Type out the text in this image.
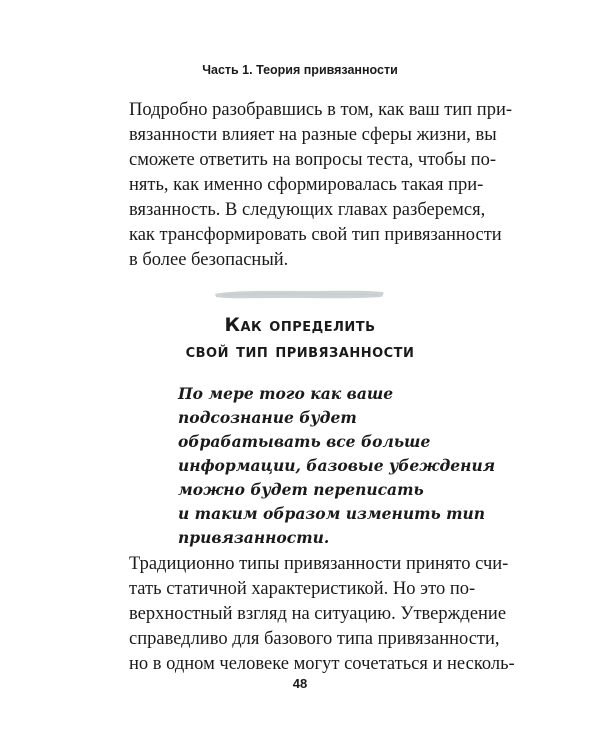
Часть 1. Теория привязанности
Подробно разобравшись в том, как ваш тип при-
вязанности влияет на разные сферы жизни, вы
сможете ответить на вопросы теста, чтобы по-
нять, как именно сформировалась такая при-
вязанность. В следующих главах разберемся,
как трансформировать свой тип привязанности
в более безопасный.
Как определить
свой тип привязанности
По мере того как ваше
подсознание будет
обрабатывать все больше
информации, базовые убеждения
можно будет переписать
и таким образом изменить тип
привязанности.
Традиционно типы привязанности принято счи-
тать статичной характеристикой. Но это по-
верхностный взгляд на ситуацию. Утверждение
справедливо для базового типа привязанности,
но в одном человеке могут сочетаться и несколь-
48
